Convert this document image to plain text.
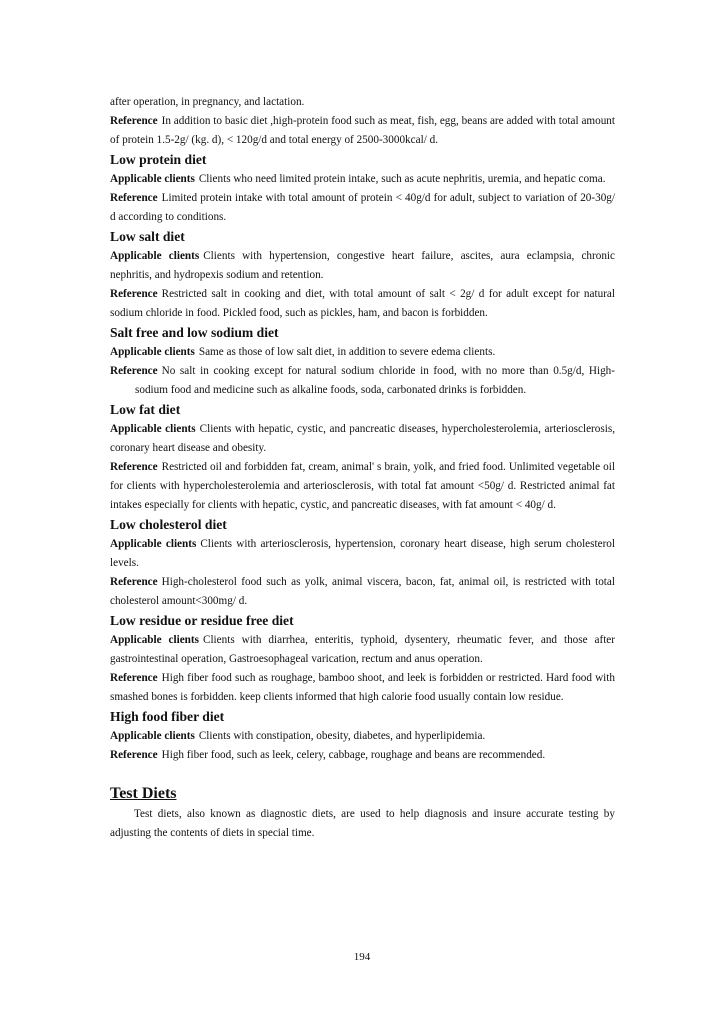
after operation, in pregnancy, and lactation.

Reference In addition to basic diet ,high-protein food such as meat, fish, egg, beans are added with total amount of protein 1.5-2g/ (kg. d), < 120g/d and total energy of 2500-3000kcal/ d.

Low protein diet

Applicable clients Clients who need limited protein intake, such as acute nephritis, uremia, and hepatic coma.

Reference Limited protein intake with total amount of protein < 40g/d for adult, subject to variation of 20-30g/ d according to conditions.

Low salt diet

Applicable clients Clients with hypertension, congestive heart failure, ascites, aura eclampsia, chronic nephritis, and hydropexis sodium and retention.

Reference Restricted salt in cooking and diet, with total amount of salt < 2g/ d for adult except for natural sodium chloride in food. Pickled food, such as pickles, ham, and bacon is forbidden.

Salt free and low sodium diet

Applicable clients Same as those of low salt diet, in addition to severe edema clients.

Reference No salt in cooking except for natural sodium chloride in food, with no more than 0.5g/d, High-sodium food and medicine such as alkaline foods, soda, carbonated drinks is forbidden.

Low fat diet

Applicable clients Clients with hepatic, cystic, and pancreatic diseases, hypercholesterolemia, arteriosclerosis, coronary heart disease and obesity.

Reference Restricted oil and forbidden fat, cream, animal' s brain, yolk, and fried food. Unlimited vegetable oil for clients with hypercholesterolemia and arteriosclerosis, with total fat amount <50g/ d. Restricted animal fat intakes especially for clients with hepatic, cystic, and pancreatic diseases, with fat amount < 40g/ d.

Low cholesterol diet

Applicable clients Clients with arteriosclerosis, hypertension, coronary heart disease, high serum cholesterol levels.

Reference High-cholesterol food such as yolk, animal viscera, bacon, fat, animal oil, is restricted with total cholesterol amount<300mg/ d.

Low residue or residue free diet

Applicable clients Clients with diarrhea, enteritis, typhoid, dysentery, rheumatic fever, and those after gastrointestinal operation, Gastroesophageal varication, rectum and anus operation.

Reference High fiber food such as roughage, bamboo shoot, and leek is forbidden or restricted. Hard food with smashed bones is forbidden. keep clients informed that high calorie food usually contain low residue.

High food fiber diet

Applicable clients Clients with constipation, obesity, diabetes, and hyperlipidemia.

Reference High fiber food, such as leek, celery, cabbage, roughage and beans are recommended.

Test Diets

Test diets, also known as diagnostic diets, are used to help diagnosis and insure accurate testing by adjusting the contents of diets in special time.

194
